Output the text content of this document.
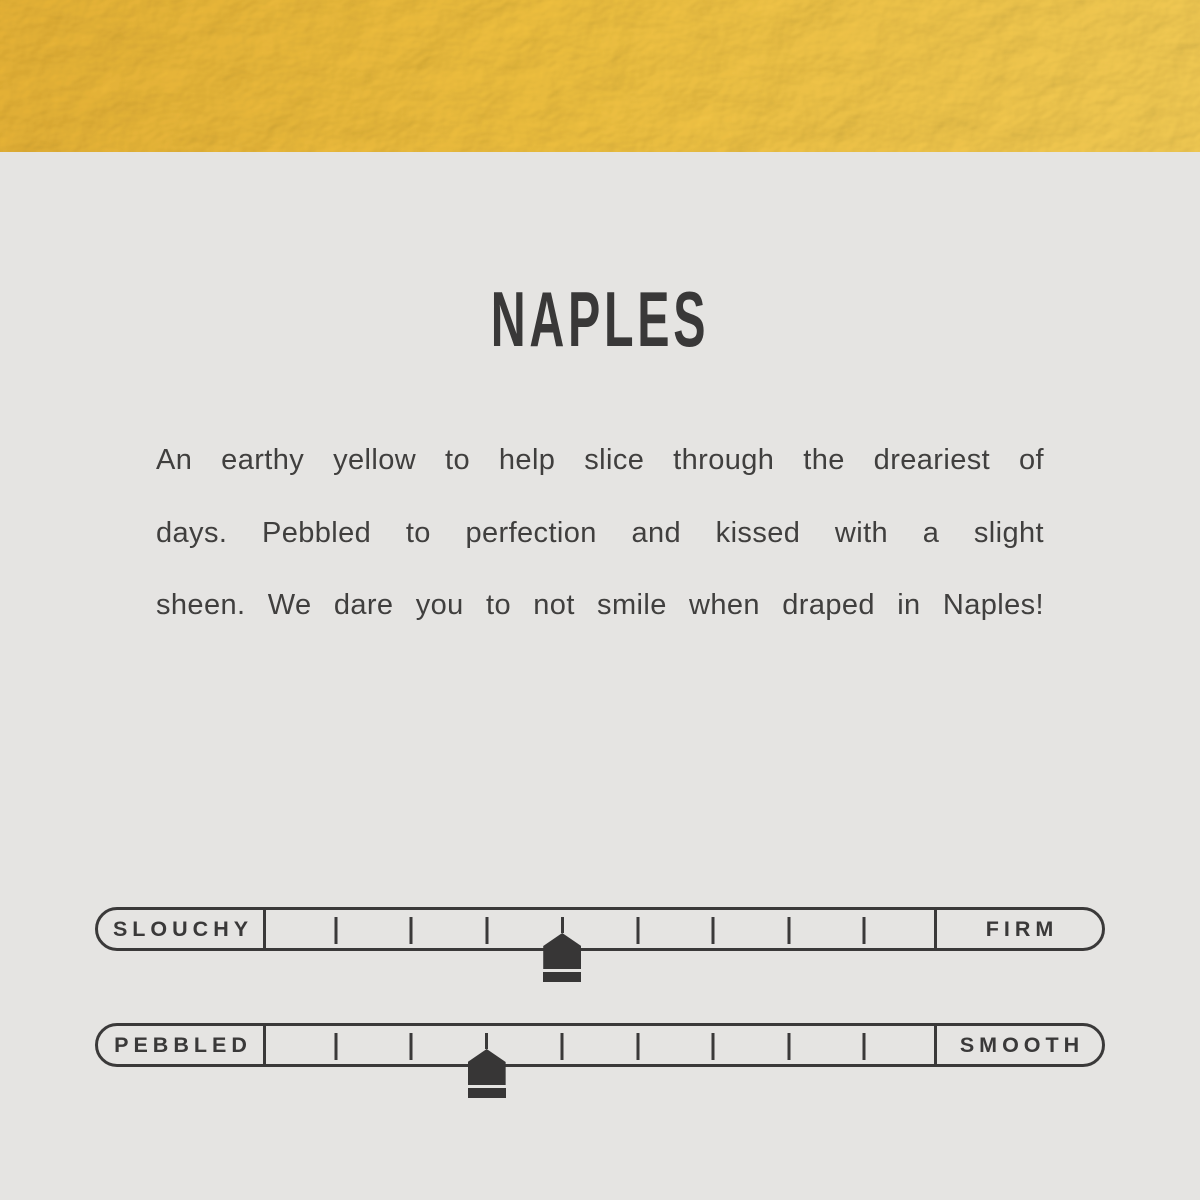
NAPLES
An earthy yellow to help slice through the dreariest of
days. Pebbled to perfection and kissed with a slight
sheen. We dare you to not smile when draped in Naples!
SLOUCHY	FIRM
PEBBLED	SMOOTH
